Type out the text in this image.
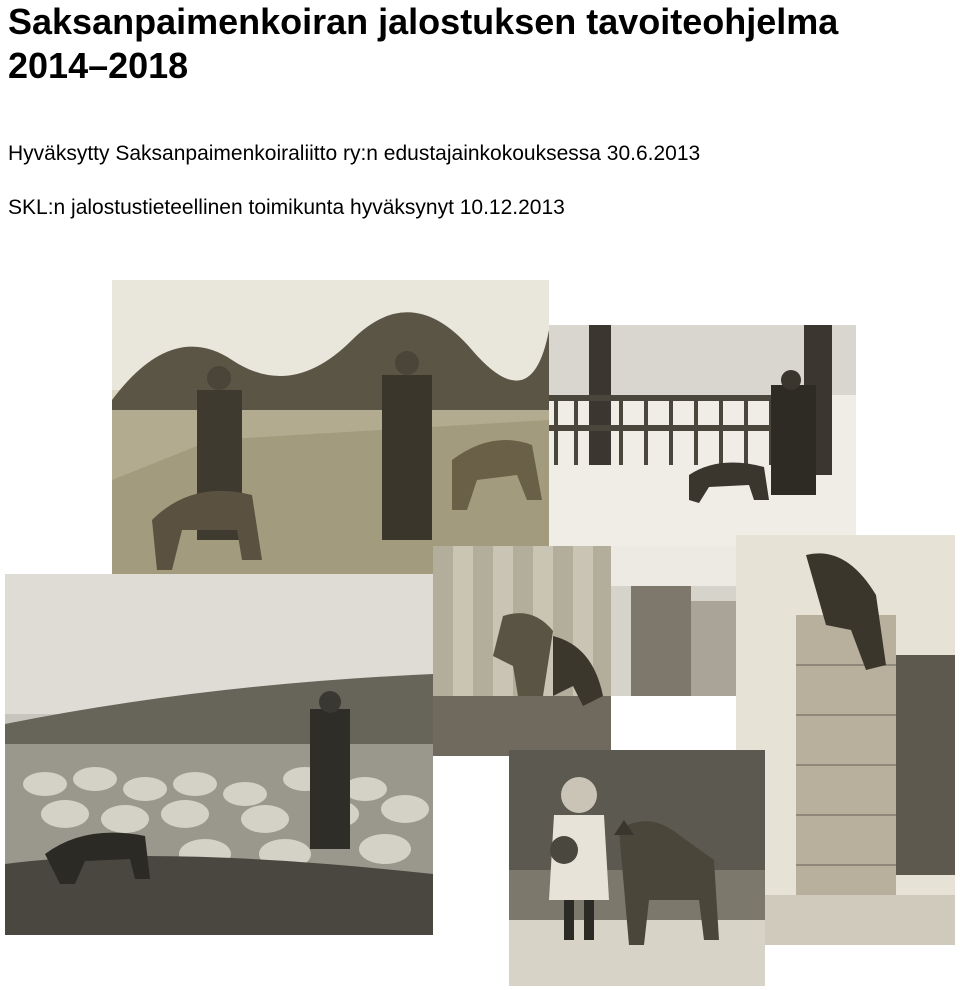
Saksanpaimenkoiran jalostuksen tavoiteohjelma
2014–2018

Hyväksytty Saksanpaimenkoiraliitto ry:n edustajainkokouksessa 30.6.2013

SKL:n jalostustieteellinen toimikunta hyväksynyt 10.12.2013
